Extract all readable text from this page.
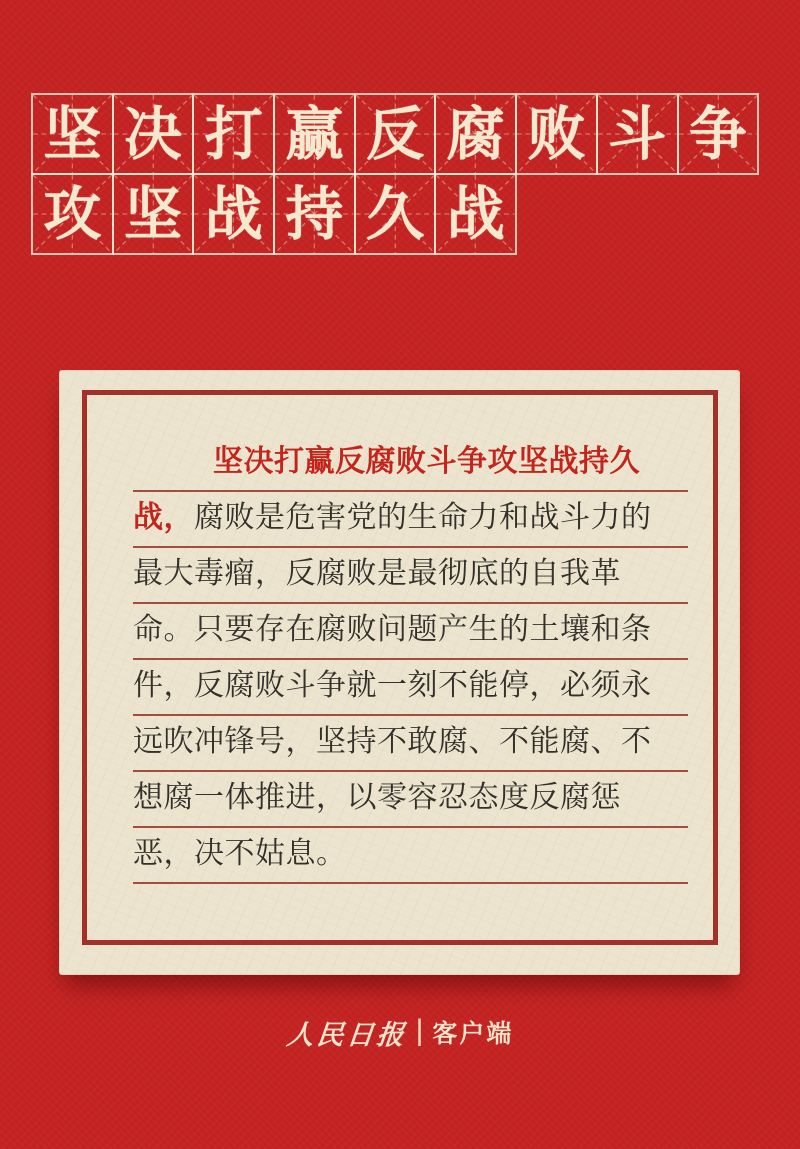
坚 决 打 赢 反 腐 败 斗 争
攻 坚 战 持 久 战
坚决打赢反腐败斗争攻坚战持久
战，腐败是危害党的生命力和战斗力的
最大毒瘤，反腐败是最彻底的自我革
命。只要存在腐败问题产生的土壤和条
件，反腐败斗争就一刻不能停，必须永
远吹冲锋号，坚持不敢腐、不能腐、不
想腐一体推进，以零容忍态度反腐惩
恶，决不姑息。
人民日报 | 客户端
